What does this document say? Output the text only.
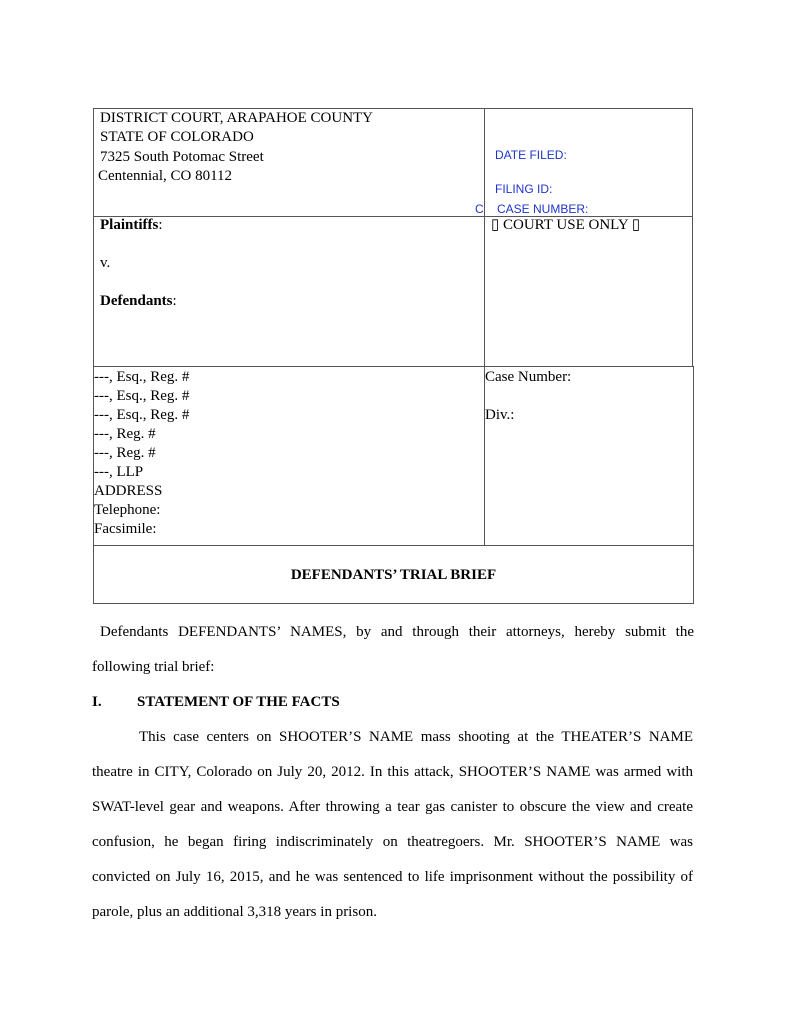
DISTRICT COURT, ARAPAHOE COUNTY
STATE OF COLORADO
7325 South Potomac Street
Centennial, CO 80112
DATE FILED:
FILING ID:
C CASE NUMBER:
Plaintiffs:
v.
Defendants:
▯ COURT USE ONLY ▯
---, Esq., Reg. #
---, Esq., Reg. #
---, Esq., Reg. #
---, Reg. #
---, Reg. #
---, LLP
ADDRESS
Telephone:
Facsimile:
Case Number:
Div.:
DEFENDANTS’ TRIAL BRIEF
Defendants DEFENDANTS’ NAMES, by and through their attorneys, hereby submit the following trial brief:
I. STATEMENT OF THE FACTS
This case centers on SHOOTER’S NAME mass shooting at the THEATER’S NAME theatre in CITY, Colorado on July 20, 2012. In this attack, SHOOTER’S NAME was armed with SWAT-level gear and weapons. After throwing a tear gas canister to obscure the view and create confusion, he began firing indiscriminately on theatregoers. Mr. SHOOTER’S NAME was convicted on July 16, 2015, and he was sentenced to life imprisonment without the possibility of parole, plus an additional 3,318 years in prison.
